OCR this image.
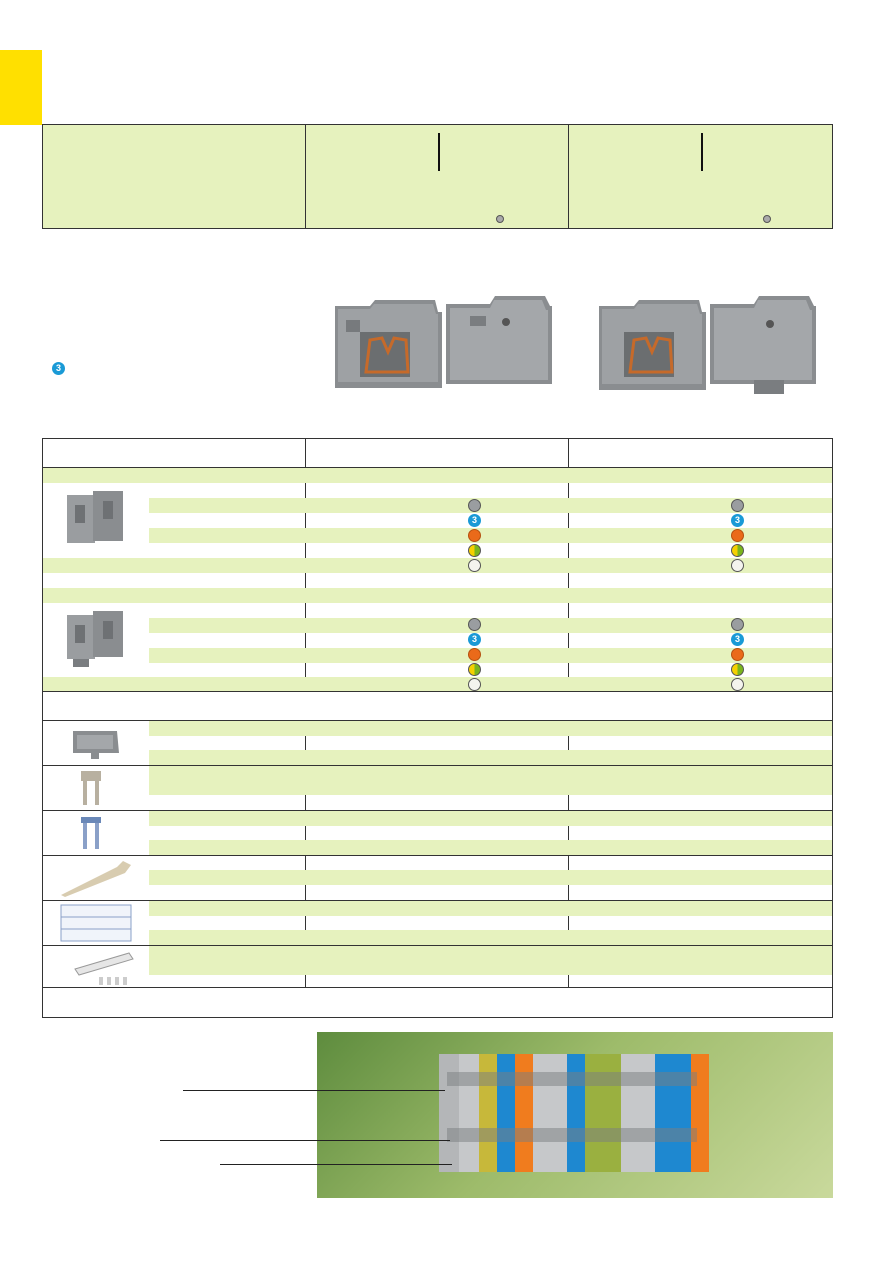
3
3	3
3	3
